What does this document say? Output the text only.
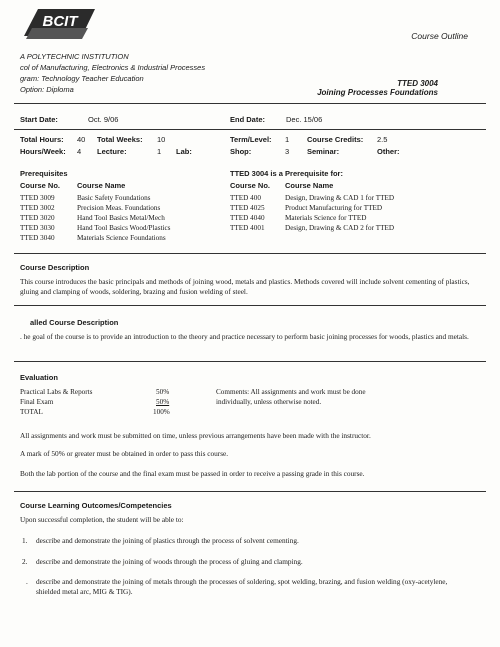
BCIT
Course Outline
A POLYTECHNIC INSTITUTION
col of Manufacturing, Electronics & Industrial Processes
gram: Technology Teacher Education
Option: Diploma
TTED 3004
Joining Processes Foundations
Start Date:	Oct. 9/06	End Date:	Dec. 15/06
Total Hours: 40 Total Weeks: 10	Term/Level: 1 Course Credits: 2.5
Hours/Week: 4 Lecture:	1 Lab:	Shop:	3 Seminar:	Other:
Prerequisites	TTED 3004 is a Prerequisite for:
Course No. Course Name	Course No. Course Name
TTED 3009	Basic Safety Foundations
TTED 3002	Precision Meas. Foundations
TTED 3020	Hand Tool Basics Metal/Mech
TTED 3030	Hand Tool Basics Wood/Plastics
TTED 3040	Materials Science Foundations
TTED 400	Design, Drawing & CAD 1 for TTED
TTED 4025	Product Manufacturing for TTED
TTED 4040	Materials Science for TTED
TTED 4001	Design, Drawing & CAD 2 for TTED
Course Description
This course introduces the basic principals and methods of joining wood, metals and plastics. Methods covered will include solvent cementing of plastics, gluing and clamping of woods, soldering, brazing and fusion welding of steel.
alled Course Description
. he goal of the course is to provide an introduction to the theory and practice necessary to perform basic joining processes for woods, plastics and metals.
Evaluation
Practical Labs & Reports	50%
Final Exam	50%
TOTAL	100%
Comments: All assignments and work must be done
individually, unless otherwise noted.
All assignments and work must be submitted on time, unless previous arrangements have been made with the instructor.
A mark of 50% or greater must be obtained in order to pass this course.
Both the lab portion of the course and the final exam must be passed in order to receive a passing grade in this course.
Course Learning Outcomes/Competencies
Upon successful completion, the student will be able to:
1. describe and demonstrate the joining of plastics through the process of solvent cementing.
2. describe and demonstrate the joining of woods through the process of gluing and clamping.
. describe and demonstrate the joining of metals through the processes of soldering, spot welding, brazing, and fusion welding (oxy-acetylene, shielded metal arc, MIG & TIG).
